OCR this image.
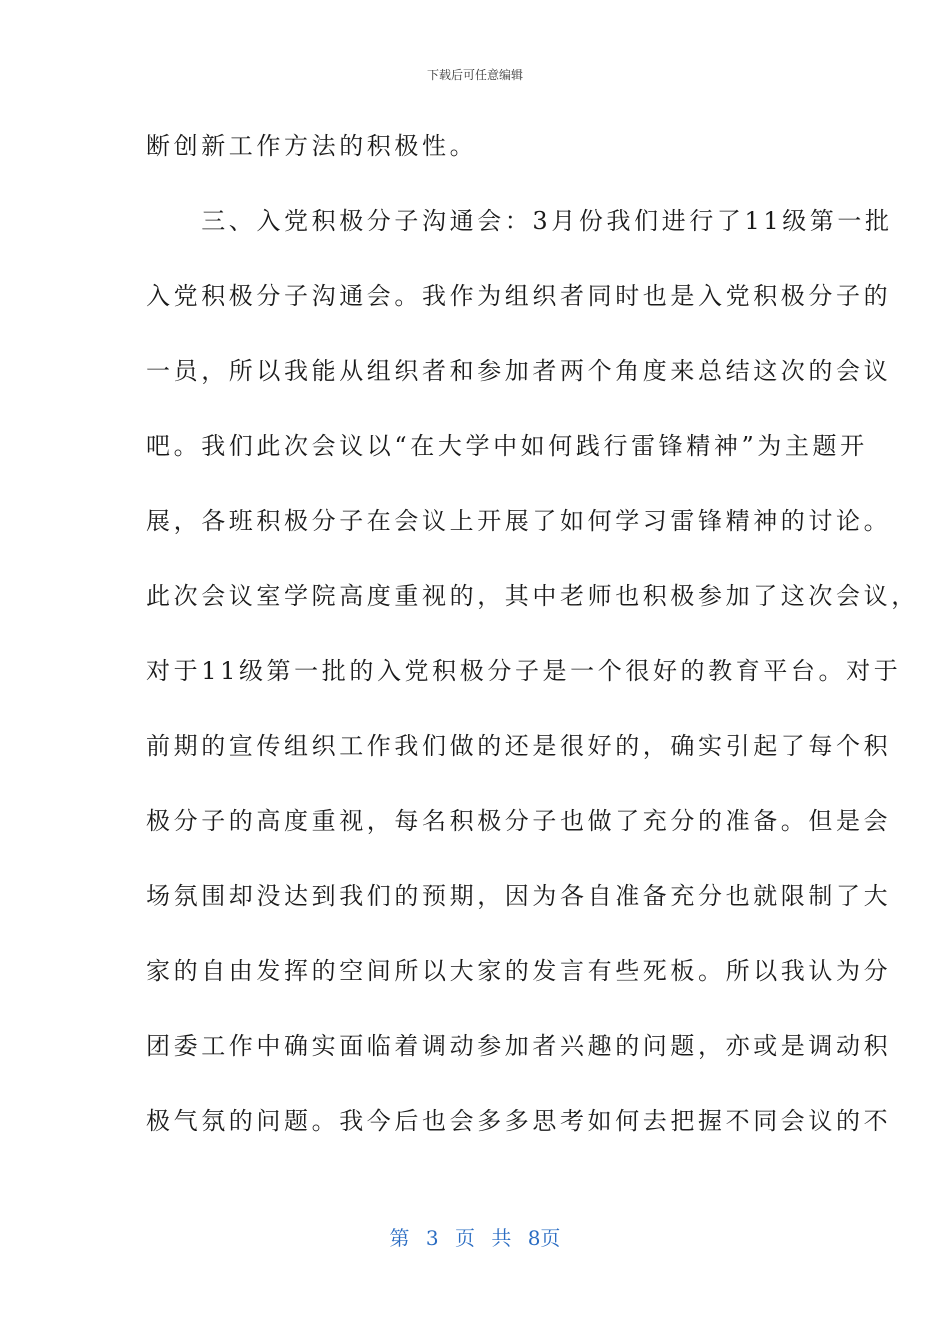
下载后可任意编辑
断创新工作方法的积极性。
　　三、入党积极分子沟通会：3月份我们进行了11级第一批
入党积极分子沟通会。我作为组织者同时也是入党积极分子的
一员，所以我能从组织者和参加者两个角度来总结这次的会议
吧。我们此次会议以“在大学中如何践行雷锋精神”为主题开
展，各班积极分子在会议上开展了如何学习雷锋精神的讨论。
此次会议室学院高度重视的，其中老师也积极参加了这次会议，
对于11级第一批的入党积极分子是一个很好的教育平台。对于
前期的宣传组织工作我们做的还是很好的，确实引起了每个积
极分子的高度重视，每名积极分子也做了充分的准备。但是会
场氛围却没达到我们的预期，因为各自准备充分也就限制了大
家的自由发挥的空间所以大家的发言有些死板。所以我认为分
团委工作中确实面临着调动参加者兴趣的问题，亦或是调动积
极气氛的问题。我今后也会多多思考如何去把握不同会议的不
第 3 页 共 8页
